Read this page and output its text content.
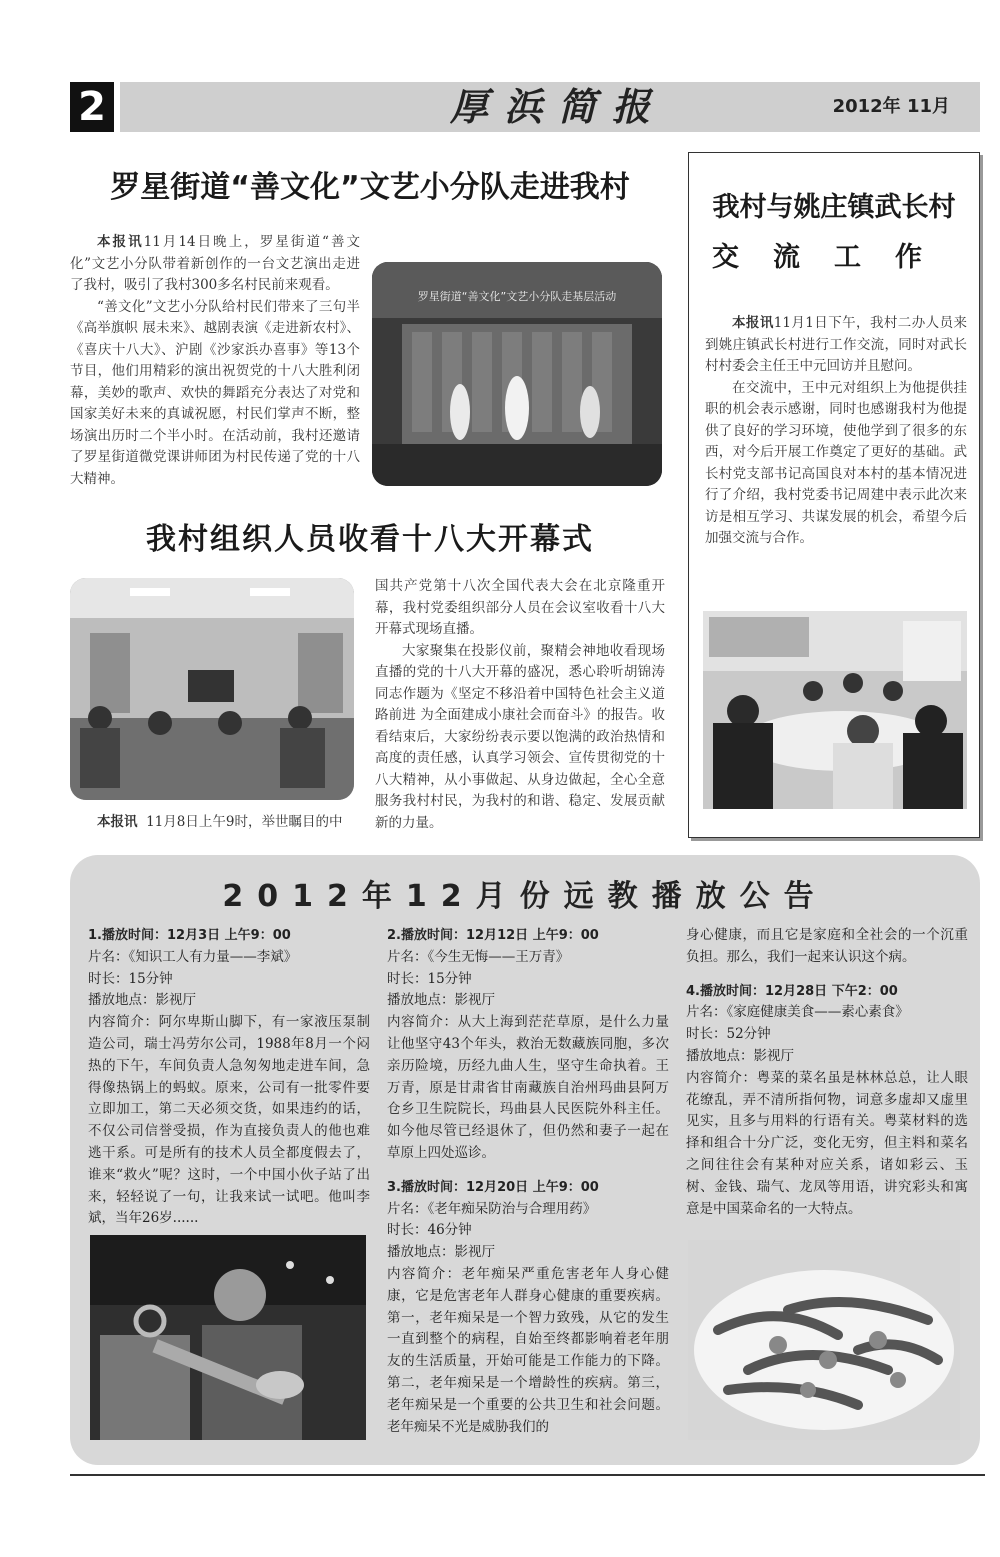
2	厚浜简报	2012年 11月
罗星街道“善文化”文艺小分队走进我村

本报讯11月14日晚上，罗星街道“善文化”文艺小分队带着新创作的一台文艺演出走进了我村，吸引了我村300多名村民前来观看。

“善文化”文艺小分队给村民们带来了三句半《高举旗帜 展未来》、越剧表演《走进新农村》、《喜庆十八大》、沪剧《沙家浜办喜事》等13个节目，他们用精彩的演出祝贺党的十八大胜利闭幕，美妙的歌声、欢快的舞蹈充分表达了对党和国家美好未来的真诚祝愿，村民们掌声不断，整场演出历时二个半小时。在活动前，我村还邀请了罗星街道微党课讲师团为村民传递了党的十八大精神。

罗星街道“善文化”文艺小分队走基层活动
我村组织人员收看十八大开幕式
国共产党第十八次全国代表大会在北京隆重开幕，我村党委组织部分人员在会议室收看十八大开幕式现场直播。

大家聚集在投影仪前，聚精会神地收看现场直播的党的十八大开幕的盛况，悉心聆听胡锦涛同志作题为《坚定不移沿着中国特色社会主义道路前进 为全面建成小康社会而奋斗》的报告。收看结束后，大家纷纷表示要以饱满的政治热情和高度的责任感，认真学习领会、宣传贯彻党的十八大精神，从小事做起、从身边做起，全心全意服务我村村民，为我村的和谐、稳定、发展贡献新的力量。

本报讯  11月8日上午9时，举世瞩目的中

我村与姚庄镇武长村
交流工作

本报讯11月1日下午，我村二办人员来到姚庄镇武长村进行工作交流，同时对武长村村委会主任王中元回访并且慰问。

在交流中，王中元对组织上为他提供挂职的机会表示感谢，同时也感谢我村为他提供了良好的学习环境，使他学到了很多的东西，对今后开展工作奠定了更好的基础。武长村党支部书记高国良对本村的基本情况进行了介绍，我村党委书记周建中表示此次来访是相互学习、共谋发展的机会，希望今后加强交流与合作。

2012年12月份远教播放公告
1.播放时间：12月3日 上午9：00
片名：《知识工人有力量——李斌》
时长：15分钟
播放地点：影视厅
内容简介：阿尔卑斯山脚下，有一家液压泵制造公司，瑞士冯劳尔公司，1988年8月一个闷热的下午，车间负责人急匆匆地走进车间，急得像热锅上的蚂蚁。原来，公司有一批零件要立即加工，第二天必须交货，如果违约的话，不仅公司信誉受损，作为直接负责人的他也难逃干系。可是所有的技术人员全都度假去了，谁来“救火”呢？这时，一个中国小伙子站了出来，轻轻说了一句，让我来试一试吧。他叫李斌，当年26岁......
2.播放时间：12月12日 上午9：00
片名：《今生无悔——王万青》
时长：15分钟
播放地点：影视厅
内容简介：从大上海到茫茫草原，是什么力量让他坚守43个年头，救治无数藏族同胞，多次亲历险境，历经九曲人生，坚守生命执着。王万青，原是甘肃省甘南藏族自治州玛曲县阿万仓乡卫生院院长，玛曲县人民医院外科主任。如今他尽管已经退休了，但仍然和妻子一起在草原上四处巡诊。
3.播放时间：12月20日 上午9：00
片名：《老年痴呆防治与合理用药》
时长：46分钟
播放地点：影视厅
内容简介：老年痴呆严重危害老年人身心健康，它是危害老年人群身心健康的重要疾病。第一，老年痴呆是一个智力致残，从它的发生一直到整个的病程，自始至终都影响着老年朋友的生活质量，开始可能是工作能力的下降。第二，老年痴呆是一个增龄性的疾病。第三，老年痴呆是一个重要的公共卫生和社会问题。老年痴呆不光是威胁我们的
身心健康，而且它是家庭和全社会的一个沉重负担。那么，我们一起来认识这个病。
4.播放时间：12月28日 下午2：00
片名：《家庭健康美食——素心素食》
时长：52分钟
播放地点：影视厅
内容简介：粤菜的菜名虽是林林总总，让人眼花缭乱，弄不清所指何物，词意多虚却又虚里见实，且多与用料的行语有关。粤菜材料的选择和组合十分广泛，变化无穷，但主料和菜名之间往往会有某种对应关系，诸如彩云、玉树、金钱、瑞气、龙凤等用语，讲究彩头和寓意是中国菜命名的一大特点。
